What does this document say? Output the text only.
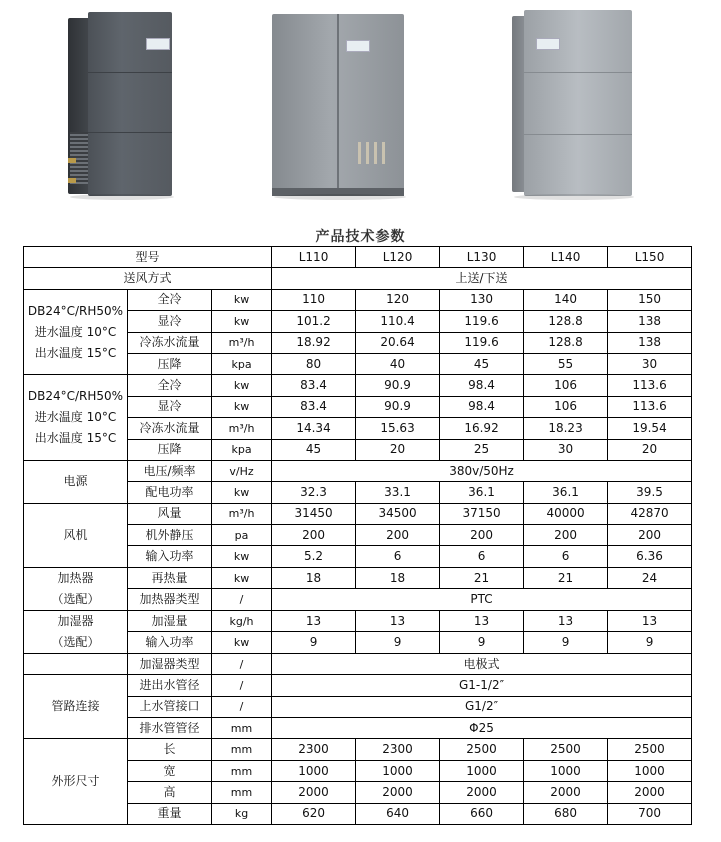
产品技术参数
型号			L110	L120	L130	L140	L150
送风方式			上送/下送				

DB24°C/RH50%
进水温度 10°C
出水温度 15°C	全冷	kw	110	120	130	140	150
	显冷	kw	101.2	110.4	119.6	128.8	138
	冷冻水流量	m³/h	18.92	20.64	119.6	128.8	138
	压降	kpa	80	40	45	55	30

DB24°C/RH50%
进水温度 10°C
出水温度 15°C	全冷	kw	83.4	90.9	98.4	106	113.6
	显冷	kw	83.4	90.9	98.4	106	113.6
	冷冻水流量	m³/h	14.34	15.63	16.92	18.23	19.54
	压降	kpa	45	20	25	30	20
电源	电压/频率	v/Hz	380v/50Hz				
	配电功率	kw	32.3	33.1	36.1	36.1	39.5
风机	风量	m³/h	31450	34500	37150	40000	42870
	机外静压	pa	200	200	200	200	200
	输入功率	kw	5.2	6	6	6	6.36

加热器
（选配）	再热量	kw	18	18	21	21	24
	加热器类型	/	PTC				

加湿器
（选配）	加湿量	kg/h	13	13	13	13	13
	输入功率	kw	9	9	9	9	9
	加湿器类型	/	电极式				
管路连接	进出水管径	/	G1-1/2″				
	上水管接口	/	G1/2″				
	排水管管径	mm	Φ25				
外形尺寸	长	mm	2300	2300	2500	2500	2500
	宽	mm	1000	1000	1000	1000	1000
	高	mm	2000	2000	2000	2000	2000
	重量	kg	620	640	660	680	700
